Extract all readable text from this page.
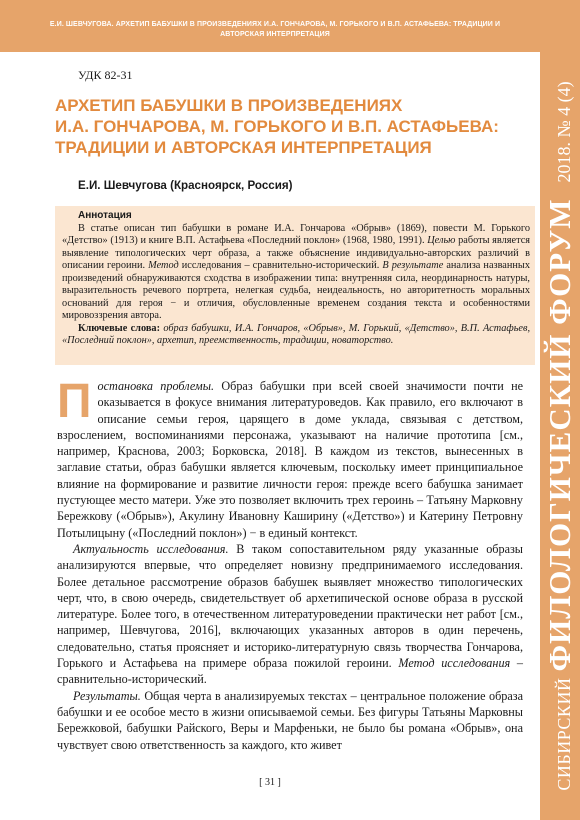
Е.И. ШЕВЧУГОВА. АРХЕТИП БАБУШКИ В ПРОИЗВЕДЕНИЯХ И.А. ГОНЧАРОВА, М. ГОРЬКОГО И В.П. АСТАФЬЕВА: ТРАДИЦИИ И АВТОРСКАЯ ИНТЕРПРЕТАЦИЯ
СИБИРСКИЙ
ФИЛОЛОГИЧЕСКИЙ ФОРУМ
2018. № 4 (4)
УДК 82-31
АРХЕТИП БАБУШКИ В ПРОИЗВЕДЕНИЯХ
И.А. ГОНЧАРОВА, М. ГОРЬКОГО И В.П. АСТАФЬЕВА:
ТРАДИЦИИ И АВТОРСКАЯ ИНТЕРПРЕТАЦИЯ
Е.И. Шевчугова (Красноярск, Россия)
Аннотация

В статье описан тип бабушки в романе И.А. Гончарова «Обрыв» (1869), повести М. Горького «Детство» (1913) и книге В.П. Астафьева «Последний поклон» (1968, 1980, 1991). Целью работы является выявление типологических черт образа, а также объяснение индивидуально-авторских различий в описании героини. Метод исследования – сравнительно-исторический. В результате анализа названных произведений обнаруживаются сходства в изображении типа: внутренняя сила, неординарность натуры, выразительность речевого портрета, нелегкая судьба, неидеальность, но авторитетность моральных оснований для героя − и отличия, обусловленные временем создания текста и особенностями мировоззрения автора.

Ключевые слова: образ бабушки, И.А. Гончаров, «Обрыв», М. Горький, «Детство», В.П. Астафьев, «Последний поклон», архетип, преемственность, традиции, новаторство.

Постановка проблемы. Образ бабушки при всей своей значимости почти не оказывается в фокусе внимания литературоведов. Как правило, его включают в описание семьи героя, царящего в доме уклада, связывая с детством, взрослением, воспоминаниями персонажа, указывают на наличие прототипа [см., например, Краснова, 2003; Борковска, 2018]. В каждом из текстов, вынесенных в заглавие статьи, образ бабушки является ключевым, поскольку имеет принципиальное влияние на формирование и развитие личности героя: прежде всего бабушка занимает пустующее место матери. Уже это позволяет включить трех героинь – Татьяну Марковну Бережкову («Обрыв»), Акулину Ивановну Каширину («Детство») и Катерину Петровну Потылицыну («Последний поклон») − в единый контекст.

Актуальность исследования. В таком сопоставительном ряду указанные образы анализируются впервые, что определяет новизну предпринимаемого исследования. Более детальное рассмотрение образов бабушек выявляет множество типологических черт, что, в свою очередь, свидетельствует об архетипической основе образа в русской литературе. Более того, в отечественном литературоведении практически нет работ [см., например, Шевчугова, 2016], включающих указанных авторов в один перечень, следовательно, статья проясняет и историко-литературную связь творчества Гончарова, Горького и Астафьева на примере образа пожилой героини. Метод исследования – сравнительно-исторический.

Результаты. Общая черта в анализируемых текстах – центральное положение образа бабушки и ее особое место в жизни описываемой семьи. Без фигуры Татьяны Марковны Бережковой, бабушки Райского, Веры и Марфеньки, не было бы романа «Обрыв», она чувствует свою ответственность за каждого, кто живет

[ 31 ]
